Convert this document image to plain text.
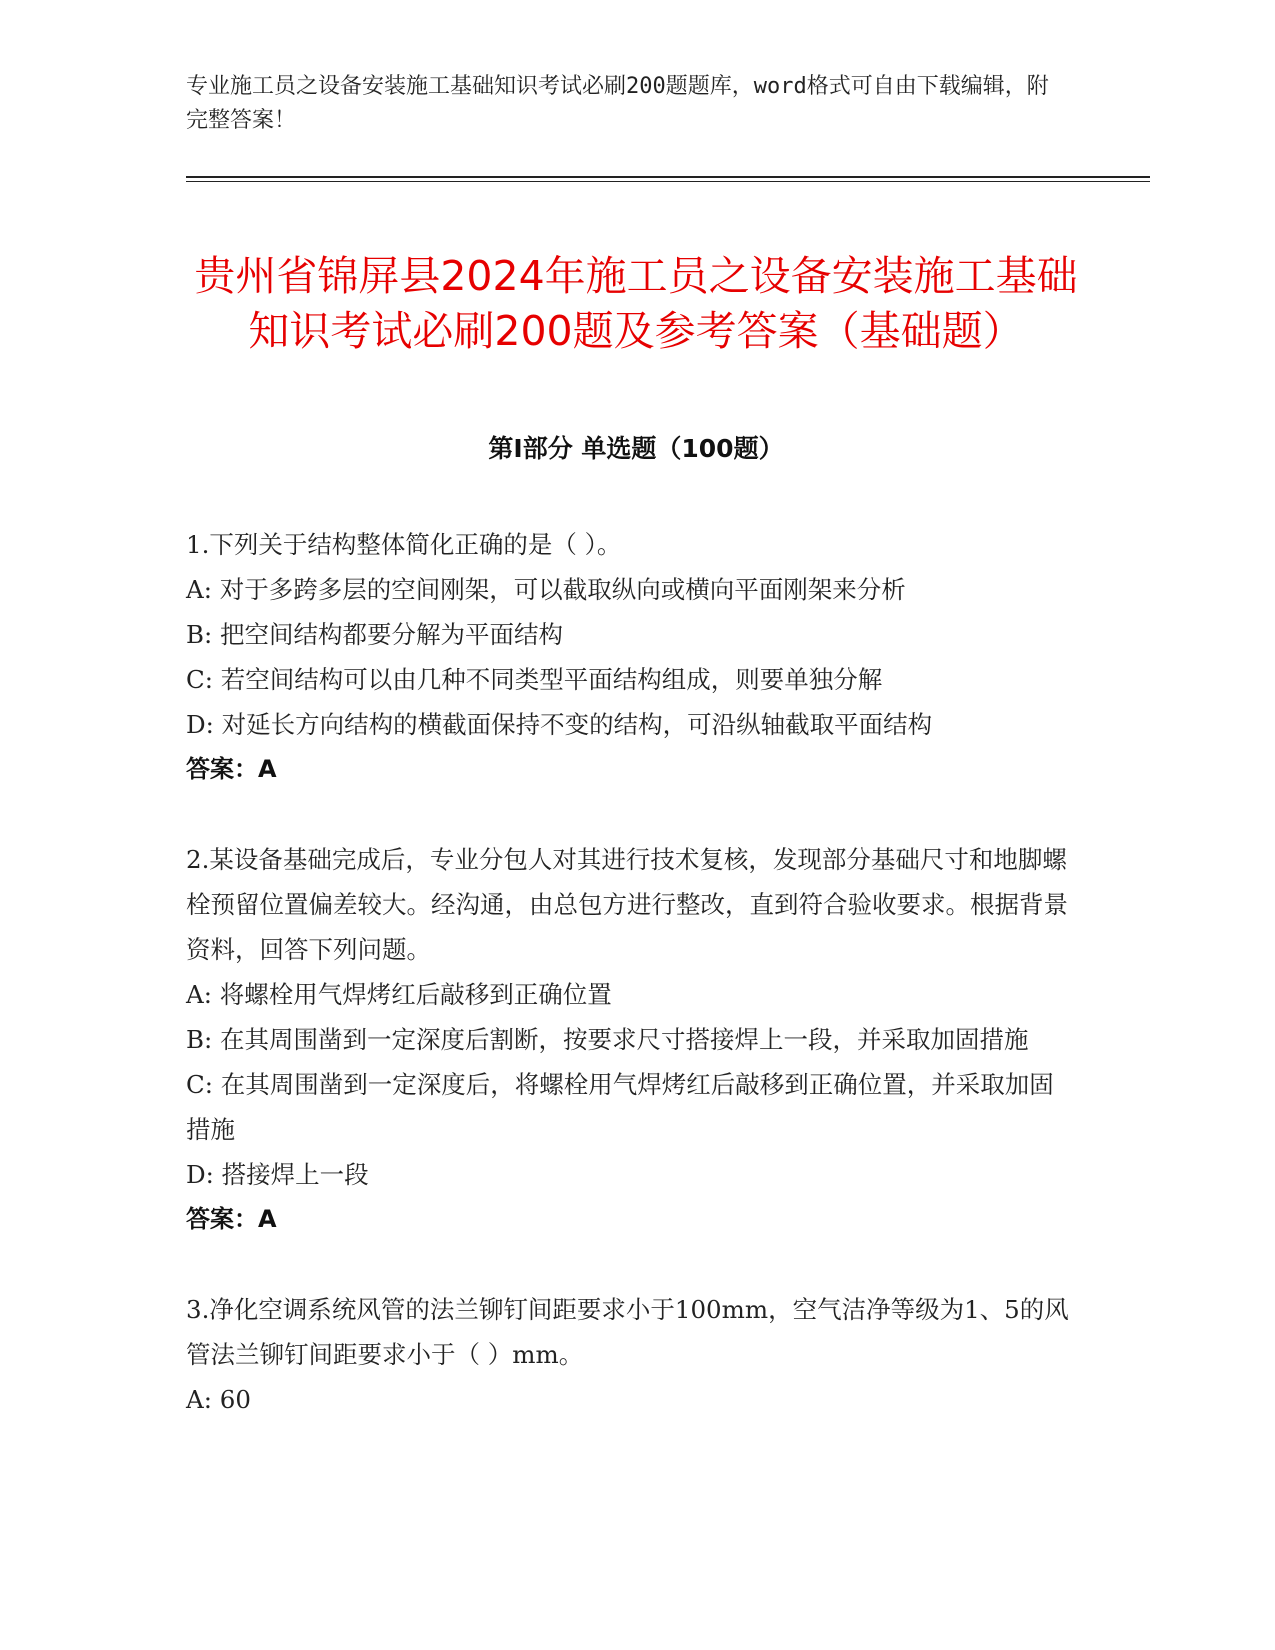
专业施工员之设备安装施工基础知识考试必刷200题题库，word格式可自由下载编辑，附完整答案！
贵州省锦屏县2024年施工员之设备安装施工基础知识考试必刷200题及参考答案（基础题）
第I部分 单选题（100题）

1.下列关于结构整体简化正确的是（ ）。

A: 对于多跨多层的空间刚架，可以截取纵向或横向平面刚架来分析

B: 把空间结构都要分解为平面结构

C: 若空间结构可以由几种不同类型平面结构组成，则要单独分解

D: 对延长方向结构的横截面保持不变的结构，可沿纵轴截取平面结构

答案：A

2.某设备基础完成后，专业分包人对其进行技术复核，发现部分基础尺寸和地脚螺栓预留位置偏差较大。经沟通，由总包方进行整改，直到符合验收要求。根据背景资料，回答下列问题。

A: 将螺栓用气焊烤红后敲移到正确位置

B: 在其周围凿到一定深度后割断，按要求尺寸搭接焊上一段，并采取加固措施

C: 在其周围凿到一定深度后，将螺栓用气焊烤红后敲移到正确位置，并采取加固措施

D: 搭接焊上一段

答案：A

3.净化空调系统风管的法兰铆钉间距要求小于100mm，空气洁净等级为1、5的风管法兰铆钉间距要求小于（ ）mm。

A: 60
